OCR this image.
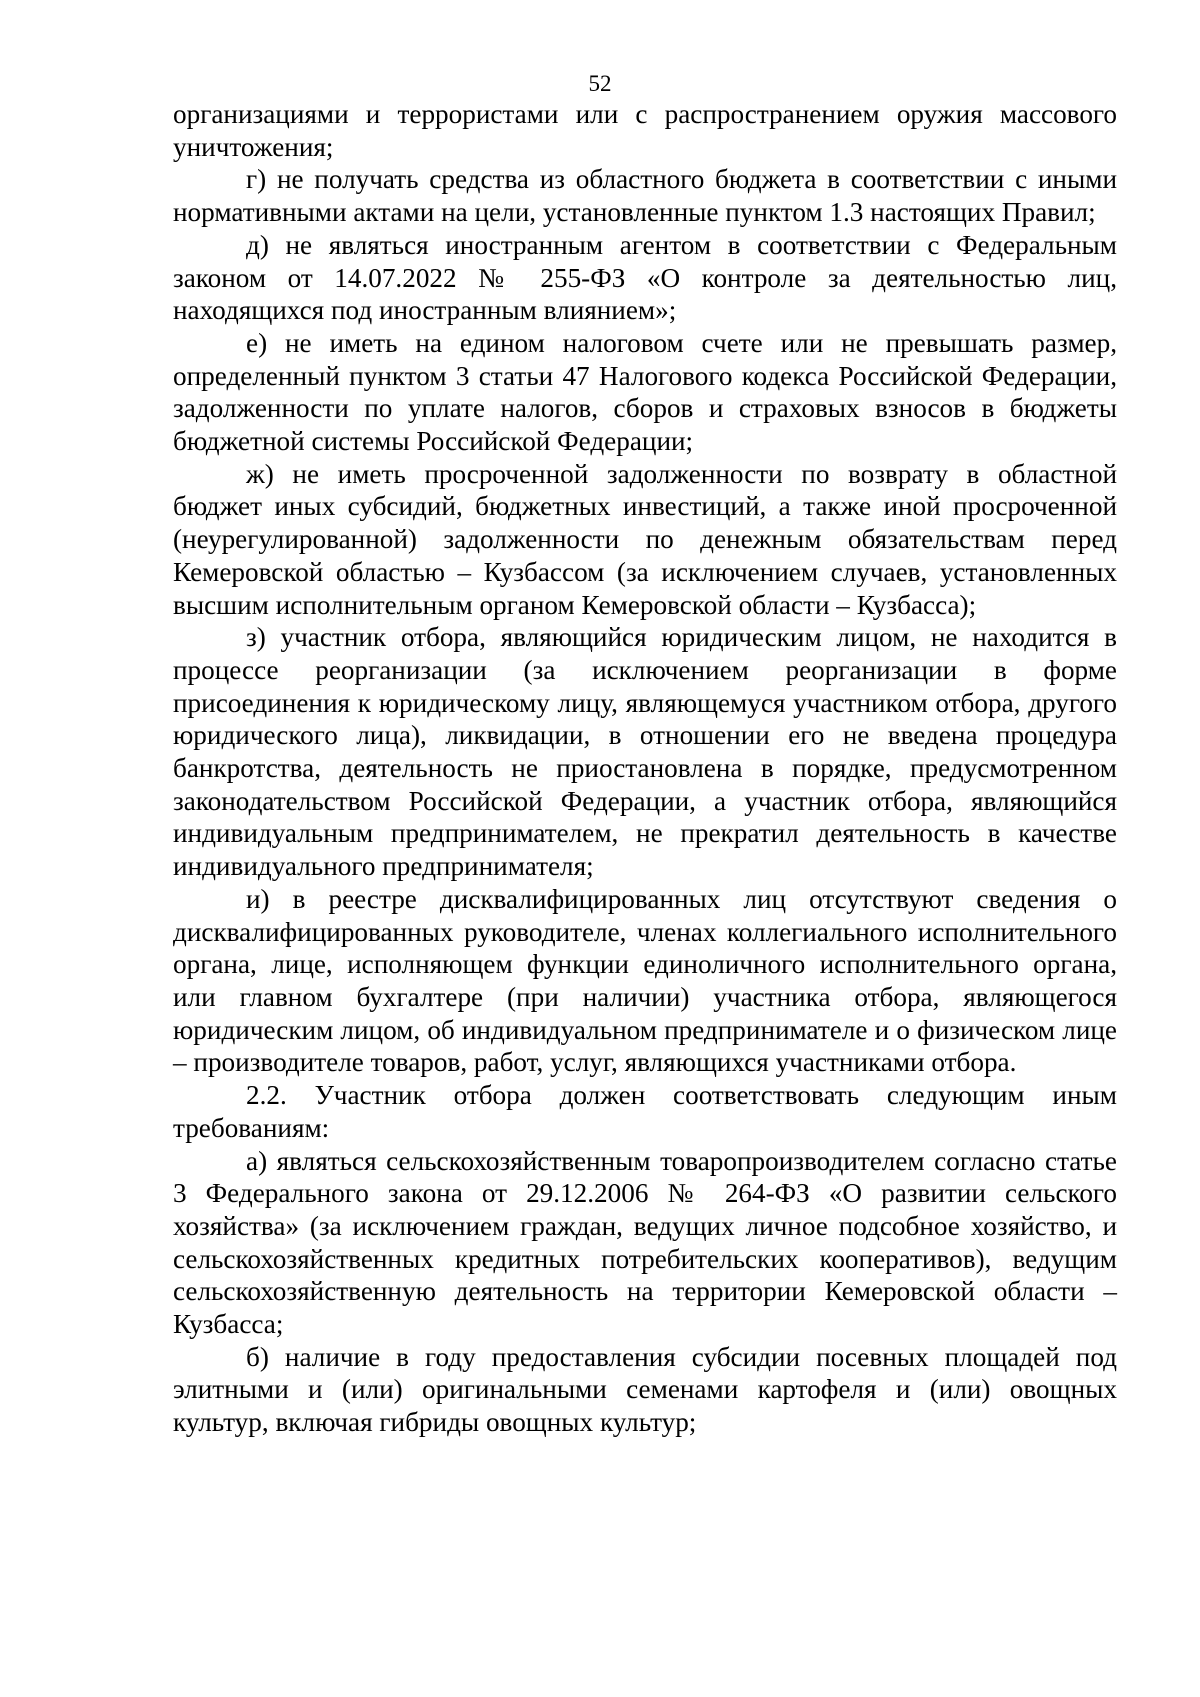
52

организациями и террористами или с распространением оружия массового уничтожения;

г) не получать средства из областного бюджета в соответствии с иными нормативными актами на цели, установленные пунктом 1.3 настоящих Правил;

д) не являться иностранным агентом в соответствии с Федеральным законом от 14.07.2022 № 255-ФЗ «О контроле за деятельностью лиц, находящихся под иностранным влиянием»;

е) не иметь на едином налоговом счете или не превышать размер, определенный пунктом 3 статьи 47 Налогового кодекса Российской Федерации, задолженности по уплате налогов, сборов и страховых взносов в бюджеты бюджетной системы Российской Федерации;

ж) не иметь просроченной задолженности по возврату в областной бюджет иных субсидий, бюджетных инвестиций, а также иной просроченной (неурегулированной) задолженности по денежным обязательствам перед Кемеровской областью – Кузбассом (за исключением случаев, установленных высшим исполнительным органом Кемеровской области – Кузбасса);

з) участник отбора, являющийся юридическим лицом, не находится в процессе реорганизации (за исключением реорганизации в форме присоединения к юридическому лицу, являющемуся участником отбора, другого юридического лица), ликвидации, в отношении его не введена процедура банкротства, деятельность не приостановлена в порядке, предусмотренном законодательством Российской Федерации, а участник отбора, являющийся индивидуальным предпринимателем, не прекратил деятельность в качестве индивидуального предпринимателя;

и) в реестре дисквалифицированных лиц отсутствуют сведения о дисквалифицированных руководителе, членах коллегиального исполнительного органа, лице, исполняющем функции единоличного исполнительного органа, или главном бухгалтере (при наличии) участника отбора, являющегося юридическим лицом, об индивидуальном предпринимателе и о физическом лице – производителе товаров, работ, услуг, являющихся участниками отбора.

2.2. Участник отбора должен соответствовать следующим иным требованиям:

а) являться сельскохозяйственным товаропроизводителем согласно статье 3 Федерального закона от 29.12.2006 № 264-ФЗ «О развитии сельского хозяйства» (за исключением граждан, ведущих личное подсобное хозяйство, и сельскохозяйственных кредитных потребительских кооперативов), ведущим сельскохозяйственную деятельность на территории Кемеровской области – Кузбасса;

б) наличие в году предоставления субсидии посевных площадей под элитными и (или) оригинальными семенами картофеля и (или) овощных культур, включая гибриды овощных культур;
